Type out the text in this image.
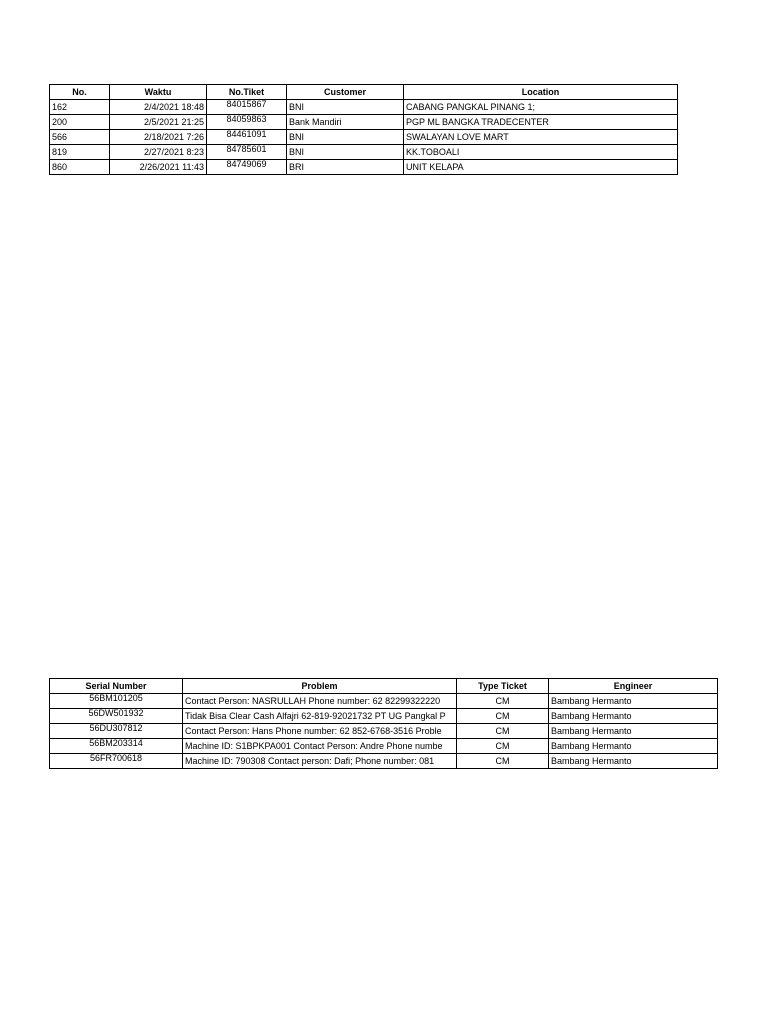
No.	Waktu	No.Tiket	Customer	Location
162	2/4/2021 18:48	84015867	BNI	CABANG PANGKAL PINANG 1;
200	2/5/2021 21:25	84059863	Bank Mandiri	PGP ML BANGKA TRADECENTER
566	2/18/2021 7:26	84461091	BNI	SWALAYAN LOVE MART
819	2/27/2021 8:23	84785601	BNI	KK.TOBOALI
860	2/26/2021 11:43	84749069	BRI	UNIT KELAPA
Serial Number	Problem	Type Ticket	Engineer
56BM101205	Contact Person: NASRULLAH Phone number: 62 82299322220	CM	Bambang Hermanto
56DW501932	Tidak Bisa Clear Cash Alfajri 62-819-92021732 PT UG Pangkal P	CM	Bambang Hermanto
56DU307812	Contact Person: Hans Phone number: 62 852-6768-3516 Proble	CM	Bambang Hermanto
56BM203314	Machine ID: S1BPKPA001 Contact Person: Andre Phone numbe	CM	Bambang Hermanto
56FR700618	Machine ID: 790308 Contact person: Dafi; Phone number: 081	CM	Bambang Hermanto
